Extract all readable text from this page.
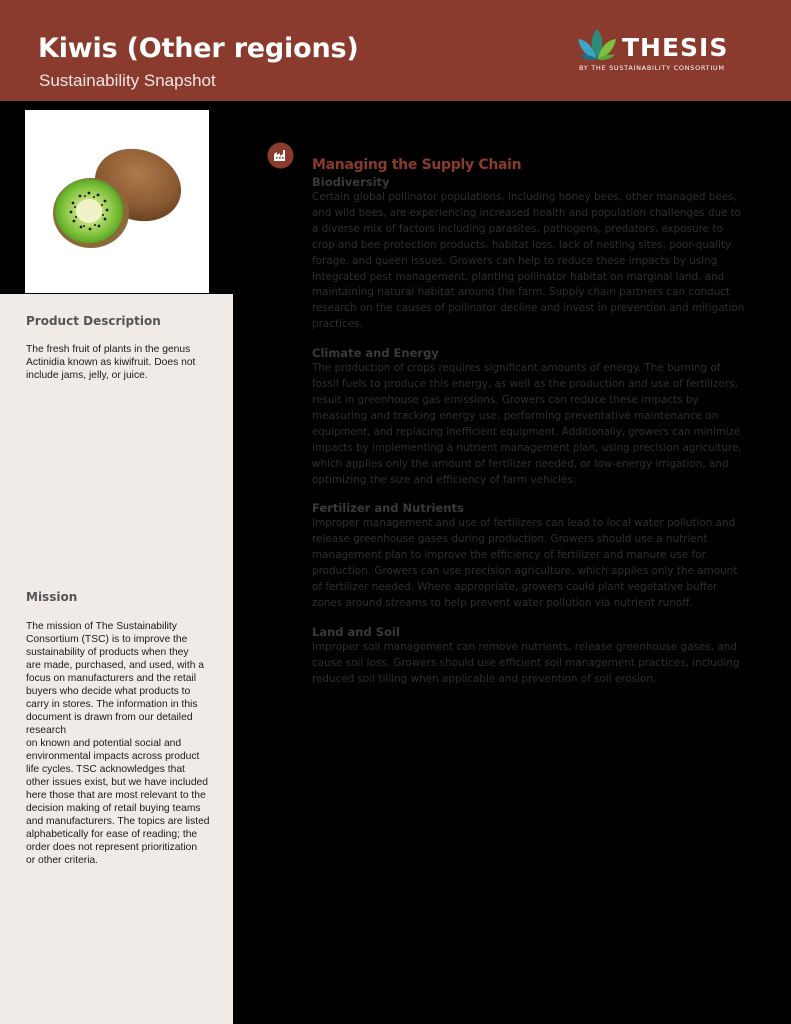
Kiwis (Other regions)
Sustainability Snapshot
THESIS
BY THE SUSTAINABILITY CONSORTIUM
Product Description

The fresh fruit of plants in the genus

Actinidia known as kiwifruit. Does not

include jams, jelly, or juice.

Mission

The mission of The Sustainability

Consortium (TSC) is to improve the

sustainability of products when they

are made, purchased, and used, with a

focus on manufacturers and the retail

buyers who decide what products to

carry in stores. The information in this

document is drawn from our detailed

research

on known and potential social and

environmental impacts across product

life cycles. TSC acknowledges that

other issues exist, but we have included

here those that are most relevant to the

decision making of retail buying teams

and manufacturers. The topics are listed

alphabetically for ease of reading; the

order does not represent prioritization

or other criteria.

Managing the Supply Chain
Biodiversity
Certain global pollinator populations, including honey bees, other managed bees,
and wild bees, are experiencing increased health and population challenges due to
a diverse mix of factors including parasites, pathogens, predators, exposure to
crop and bee protection products, habitat loss, lack of nesting sites, poor-quality
forage, and queen issues. Growers can help to reduce these impacts by using
integrated pest management, planting pollinator habitat on marginal land, and
maintaining natural habitat around the farm. Supply chain partners can conduct
research on the causes of pollinator decline and invest in prevention and mitigation
practices.
Climate and Energy
The production of crops requires significant amounts of energy. The burning of
fossil fuels to produce this energy, as well as the production and use of fertilizers,
result in greenhouse gas emissions. Growers can reduce these impacts by
measuring and tracking energy use, performing preventative maintenance on
equipment, and replacing inefficient equipment. Additionally, growers can minimize
impacts by implementing a nutrient management plan, using precision agriculture,
which applies only the amount of fertilizer needed, or low-energy irrigation, and
optimizing the size and efficiency of farm vehicles.
Fertilizer and Nutrients
Improper management and use of fertilizers can lead to local water pollution and
release greenhouse gases during production. Growers should use a nutrient
management plan to improve the efficiency of fertilizer and manure use for
production. Growers can use precision agriculture, which applies only the amount
of fertilizer needed. Where appropriate, growers could plant vegetative buffer
zones around streams to help prevent water pollution via nutrient runoff.
Land and Soil
Improper soil management can remove nutrients, release greenhouse gases, and
cause soil loss. Growers should use efficient soil management practices, including
reduced soil tilling when applicable and prevention of soil erosion.
